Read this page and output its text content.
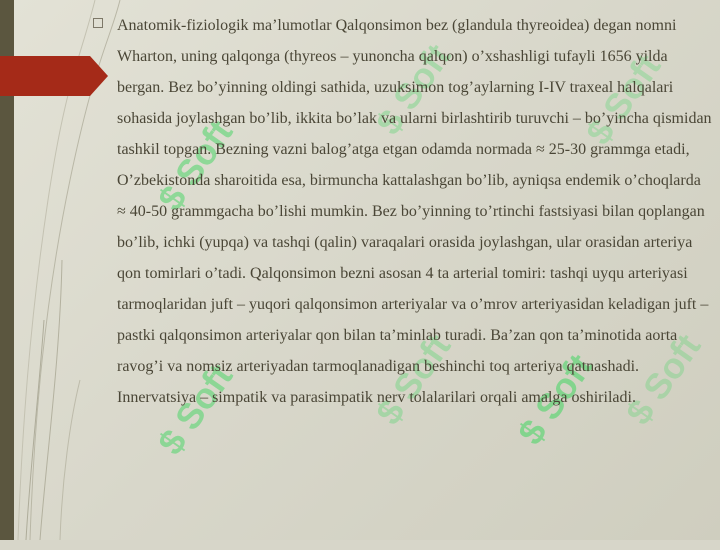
$ Soft
$ Soft
$ Soft
$ Soft $ Soft
$ Soft
$ Soft

Anatomik-fiziologik ma’lumotlar Qalqonsimon bez (glandula thyreoidea) degan nomni Wharton, uning qalqonga (thyreos – yunoncha qalqon) o’xshashligi tufayli 1656 yilda bergan. Bez bo’yinning oldingi sathida, uzuksimon tog’aylarning I-IV traxeal halqalari sohasida joylashgan bo’lib, ikkita bo’lak va ularni birlashtirib turuvchi – bo’yincha qismidan tashkil topgan. Bezning vazni balog’atga etgan odamda normada ≈ 25-30 grammga etadi, O’zbekistonda sharoitida esa, birmuncha kattalashgan bo’lib, ayniqsa endemik o’choqlarda ≈ 40-50 grammgacha bo’lishi mumkin. Bez bo’yinning to’rtinchi fastsiyasi bilan qoplangan bo’lib, ichki (yupqa) va tashqi (qalin) varaqalari orasida joylashgan, ular orasidan arteriya qon tomirlari o’tadi. Qalqonsimon bezni asosan 4 ta arterial tomiri: tashqi uyqu arteriyasi tarmoqlaridan juft – yuqori qalqonsimon arteriyalar va o’mrov arteriyasidan keladigan juft – pastki qalqonsimon arteriyalar qon bilan ta’minlab turadi. Ba’zan qon ta’minotida aorta ravog’i va nomsiz arteriyadan tarmoqlanadigan beshinchi toq arteriya qatnashadi. Innervatsiya – simpatik va parasimpatik nerv tolalarilari orqali amalga oshiriladi.
